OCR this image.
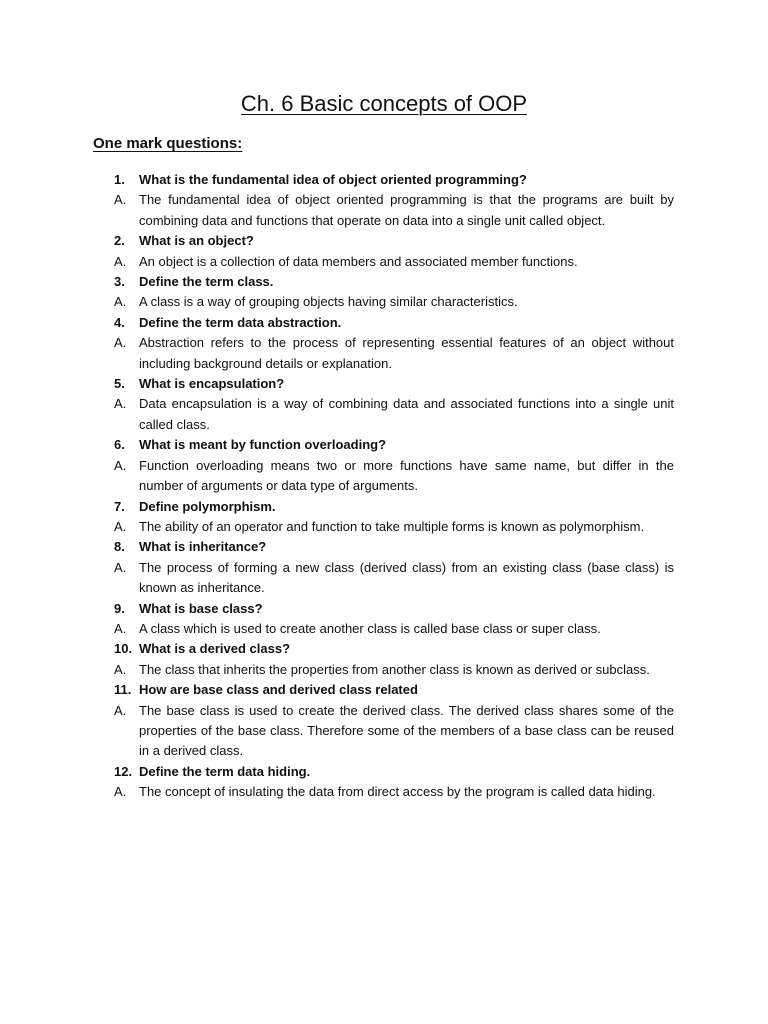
Ch. 6 Basic concepts of OOP
One mark questions:

1. What is the fundamental idea of object oriented programming?

A. The fundamental idea of object oriented programming is that the programs are built by combining data and functions that operate on data into a single unit called object.

2. What is an object?

A. An object is a collection of data members and associated member functions.

3. Define the term class.

A. A class is a way of grouping objects having similar characteristics.

4. Define the term data abstraction.

A. Abstraction refers to the process of representing essential features of an object without including background details or explanation.

5. What is encapsulation?

A. Data encapsulation is a way of combining data and associated functions into a single unit called class.

6. What is meant by function overloading?

A. Function overloading means two or more functions have same name, but differ in the number of arguments or data type of arguments.

7. Define polymorphism.

A. The ability of an operator and function to take multiple forms is known as polymorphism.

8. What is inheritance?

A. The process of forming a new class (derived class) from an existing class (base class) is known as inheritance.

9. What is base class?

A. A class which is used to create another class is called base class or super class.

10. What is a derived class?

A. The class that inherits the properties from another class is known as derived or subclass.

11. How are base class and derived class related

A. The base class is used to create the derived class. The derived class shares some of the properties of the base class. Therefore some of the members of a base class can be reused in a derived class.

12. Define the term data hiding.

A. The concept of insulating the data from direct access by the program is called data hiding.
